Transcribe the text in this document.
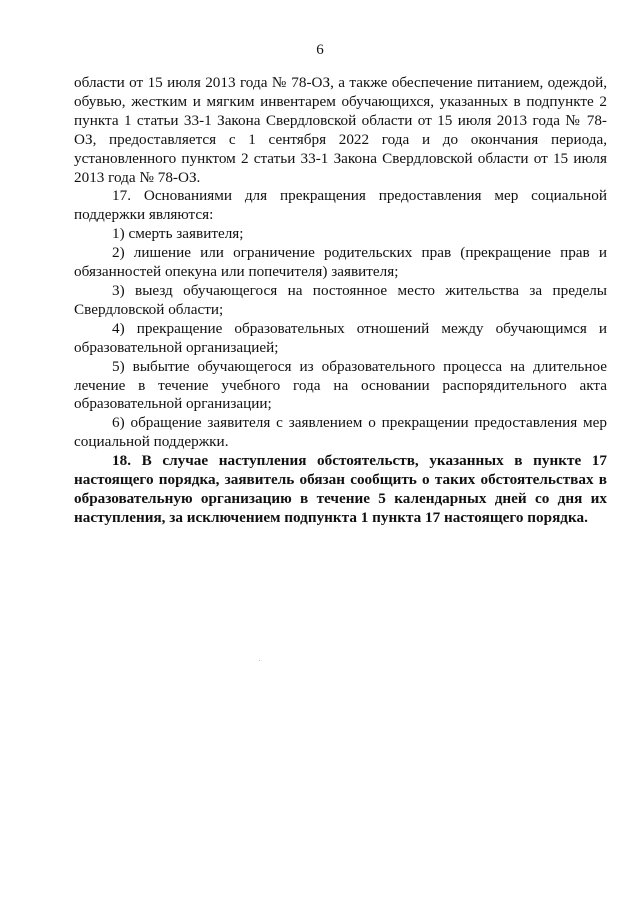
6

области от 15 июля 2013 года № 78-ОЗ, а также обеспечение питанием, одеждой, обувью, жестким и мягким инвентарем обучающихся, указанных в подпункте 2 пункта 1 статьи 33-1 Закона Свердловской области от 15 июля 2013 года № 78-ОЗ, предоставляется с 1 сентября 2022 года и до окончания периода, установленного пунктом 2 статьи 33-1 Закона Свердловской области от 15 июля 2013 года № 78-ОЗ.

17. Основаниями для прекращения предоставления мер социальной поддержки являются:

1) смерть заявителя;

2) лишение или ограничение родительских прав (прекращение прав и обязанностей опекуна или попечителя) заявителя;

3) выезд обучающегося на постоянное место жительства за пределы Свердловской области;

4) прекращение образовательных отношений между обучающимся и образовательной организацией;

5) выбытие обучающегося из образовательного процесса на длительное лечение в течение учебного года на основании распорядительного акта образовательной организации;

6) обращение заявителя с заявлением о прекращении предоставления мер социальной поддержки.

18. В случае наступления обстоятельств, указанных в пункте 17 настоящего порядка, заявитель обязан сообщить о таких обстоятельствах в образовательную организацию в течение 5 календарных дней со дня их наступления, за исключением подпункта 1 пункта 17 настоящего порядка.
